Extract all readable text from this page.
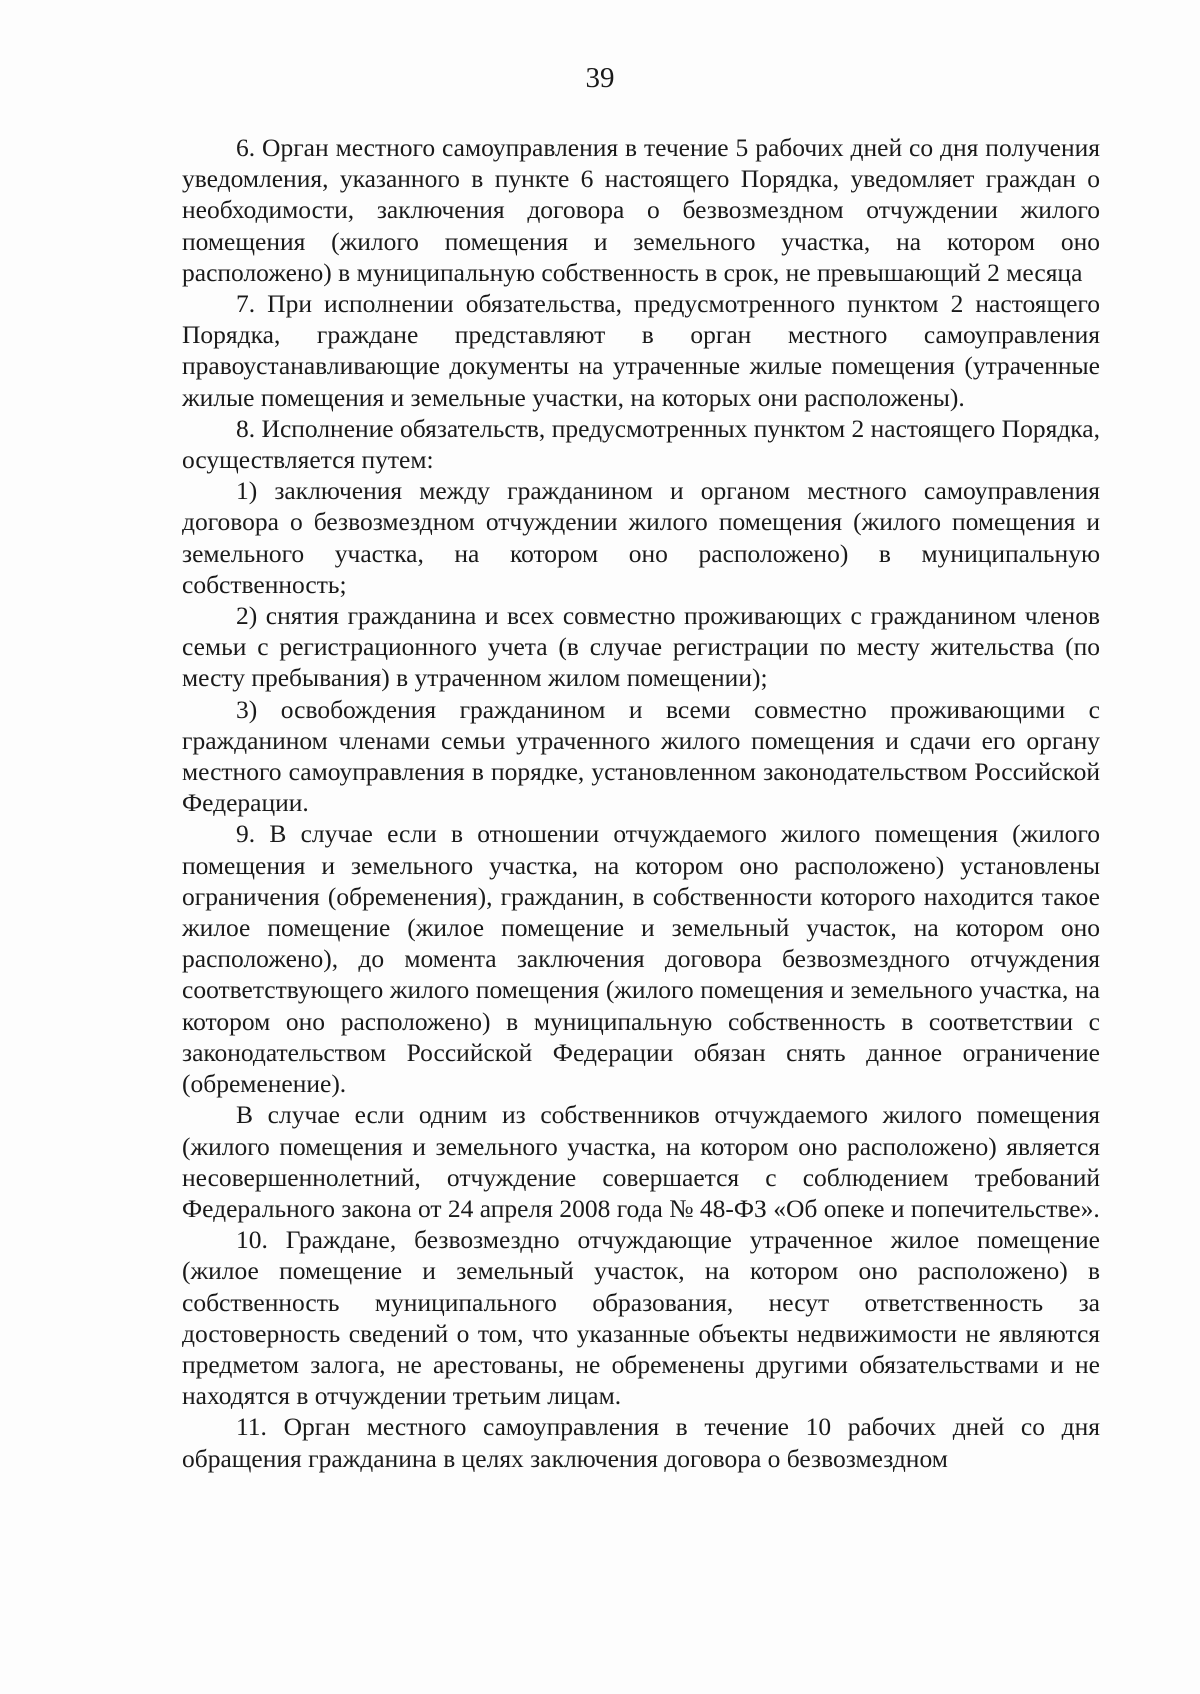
39

6. Орган местного самоуправления в течение 5 рабочих дней со дня получения уведомления, указанного в пункте 6 настоящего Порядка, уведомляет граждан о необходимости, заключения договора о безвозмездном отчуждении жилого помещения (жилого помещения и земельного участка, на котором оно расположено) в муниципальную собственность в срок, не превышающий 2 месяца

7. При исполнении обязательства, предусмотренного пунктом 2 настоящего Порядка, граждане представляют в орган местного самоуправления правоустанавливающие документы на утраченные жилые помещения (утраченные жилые помещения и земельные участки, на которых они расположены).

8. Исполнение обязательств, предусмотренных пунктом 2 настоящего Порядка, осуществляется путем:

1) заключения между гражданином и органом местного самоуправления договора о безвозмездном отчуждении жилого помещения (жилого помещения и земельного участка, на котором оно расположено) в муниципальную собственность;

2) снятия гражданина и всех совместно проживающих с гражданином членов семьи с регистрационного учета (в случае регистрации по месту жительства (по месту пребывания) в утраченном жилом помещении);

3) освобождения гражданином и всеми совместно проживающими с гражданином членами семьи утраченного жилого помещения и сдачи его органу местного самоуправления в порядке, установленном законодательством Российской Федерации.

9. В случае если в отношении отчуждаемого жилого помещения (жилого помещения и земельного участка, на котором оно расположено) установлены ограничения (обременения), гражданин, в собственности которого находится такое жилое помещение (жилое помещение и земельный участок, на котором оно расположено), до момента заключения договора безвозмездного отчуждения соответствующего жилого помещения (жилого помещения и земельного участка, на котором оно расположено) в муниципальную собственность в соответствии с законодательством Российской Федерации обязан снять данное ограничение (обременение).

В случае если одним из собственников отчуждаемого жилого помещения (жилого помещения и земельного участка, на котором оно расположено) является несовершеннолетний, отчуждение совершается с соблюдением требований Федерального закона от 24 апреля 2008 года № 48-ФЗ «Об опеке и попечительстве».

10. Граждане, безвозмездно отчуждающие утраченное жилое помещение (жилое помещение и земельный участок, на котором оно расположено) в собственность муниципального образования, несут ответственность за достоверность сведений о том, что указанные объекты недвижимости не являются предметом залога, не арестованы, не обременены другими обязательствами и не находятся в отчуждении третьим лицам.

11. Орган местного самоуправления в течение 10 рабочих дней со дня обращения гражданина в целях заключения договора о безвозмездном
